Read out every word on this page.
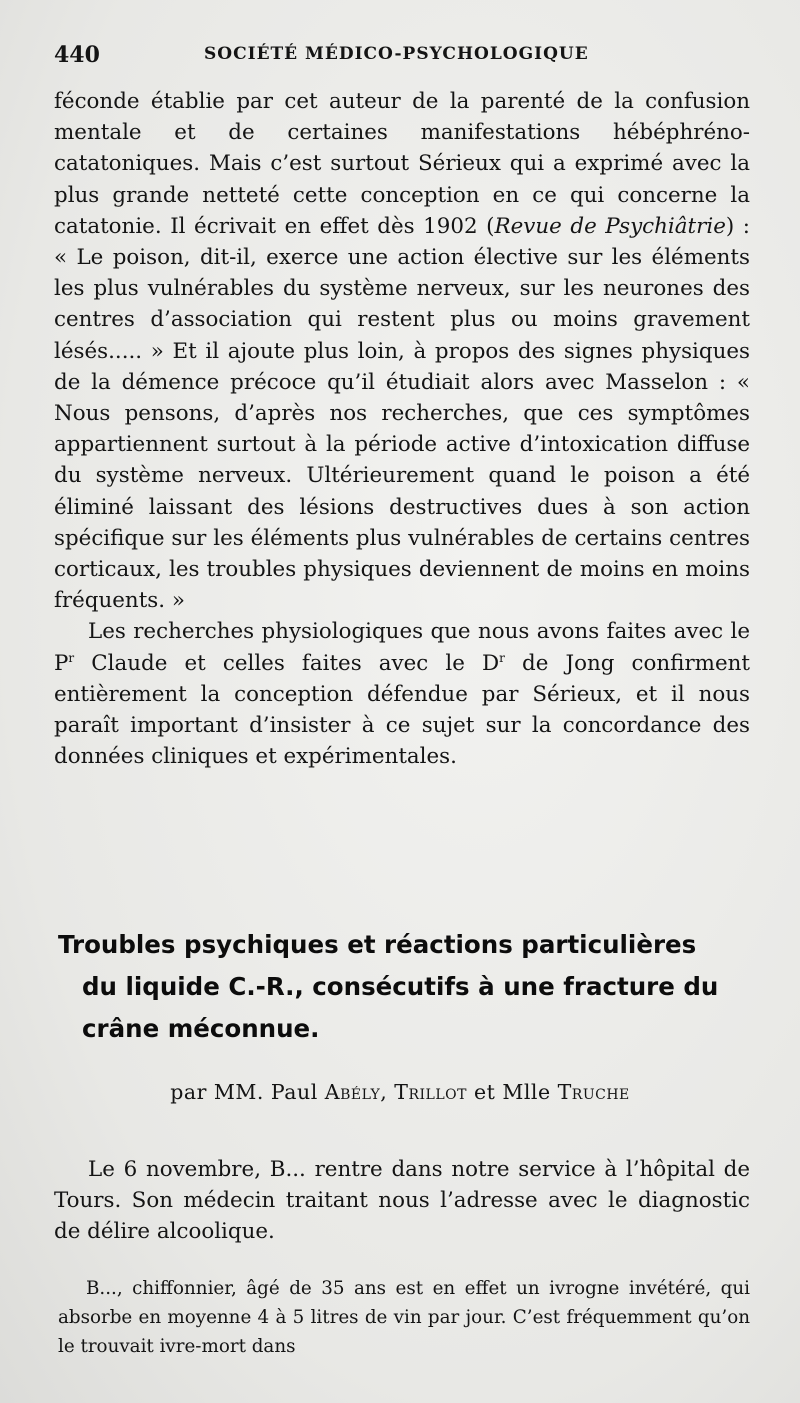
440	SOCIÉTÉ MÉDICO-PSYCHOLOGIQUE

féconde établie par cet auteur de la parenté de la confusion mentale et de certaines manifestations hébéphréno-catatoniques. Mais c’est surtout Sérieux qui a exprimé avec la plus grande netteté cette conception en ce qui concerne la catatonie. Il écrivait en effet dès 1902 (Revue de Psychiâtrie) : « Le poison, dit-il, exerce une action élective sur les éléments les plus vulnérables du système nerveux, sur les neurones des centres d’association qui restent plus ou moins gravement lésés..... » Et il ajoute plus loin, à propos des signes physiques de la démence précoce qu’il étudiait alors avec Masselon : « Nous pensons, d’après nos recherches, que ces symptômes appartiennent surtout à la période active d’intoxication diffuse du système nerveux. Ultérieurement quand le poison a été éliminé laissant des lésions destructives dues à son action spécifique sur les éléments plus vulnérables de certains centres corticaux, les troubles physiques deviennent de moins en moins fréquents. »

Les recherches physiologiques que nous avons faites avec le $P^r$ Claude et celles faites avec le $D^r$ de Jong confirment entièrement la conception défendue par Sérieux, et il nous paraît important d’insister à ce sujet sur la concordance des données cliniques et expérimentales.

Troubles psychiques et réactions particulières
du liquide C.-R., consécutifs à une fracture du
crâne méconnue.
par MM. Paul Abély, Trillot et Mlle Truche

Le 6 novembre, B... rentre dans notre service à l’hôpital de Tours. Son médecin traitant nous l’adresse avec le diagnostic de délire alcoolique.

B..., chiffonnier, âgé de 35 ans est en effet un ivrogne invétéré, qui absorbe en moyenne 4 à 5 litres de vin par jour. C’est fréquemment qu’on le trouvait ivre-mort dans
